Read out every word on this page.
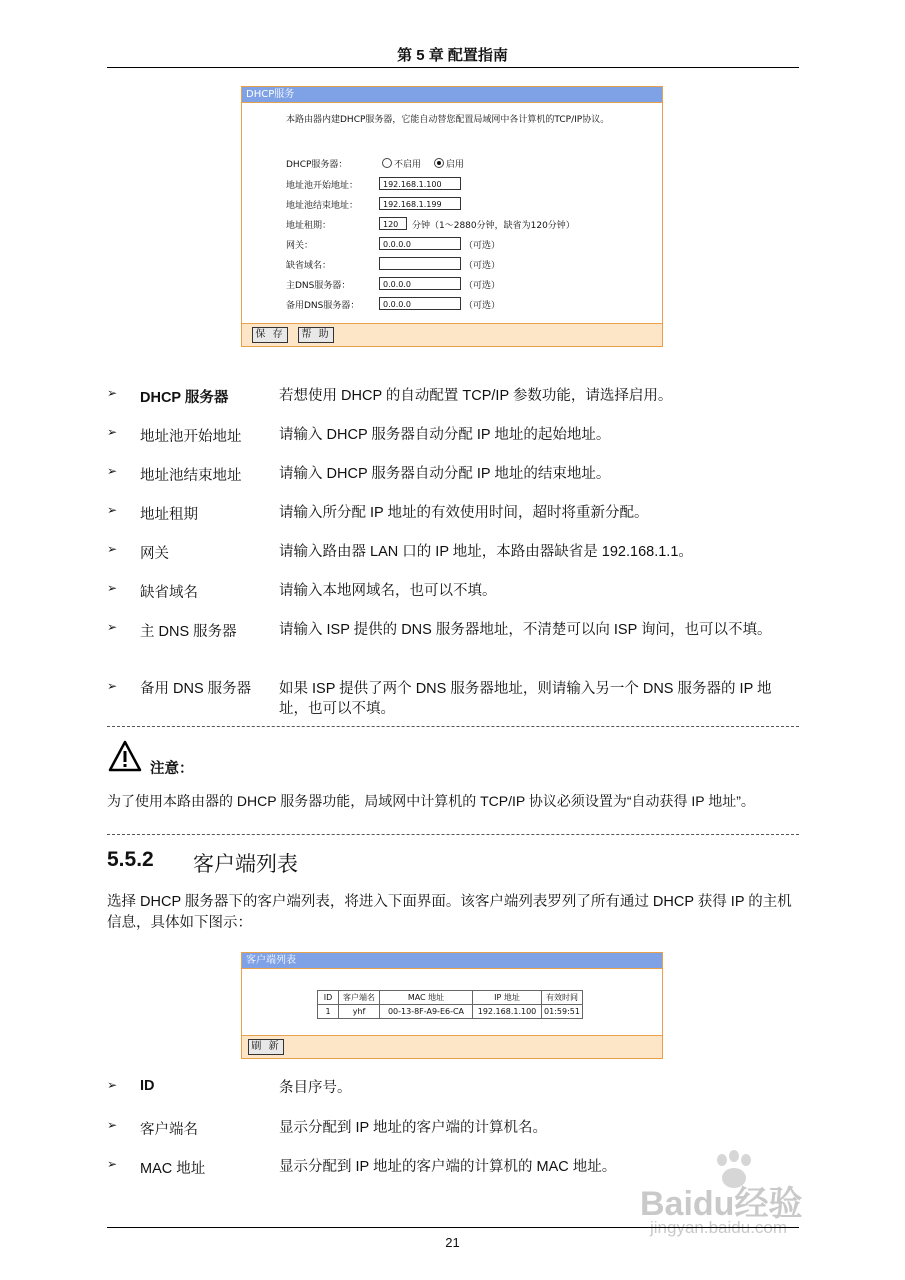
第 5 章 配置指南
DHCP服务
本路由器内建DHCP服务器，它能自动替您配置局域网中各计算机的TCP/IP协议。
DHCP服务器：	不启用	启用
地址池开始地址：	192.168.1.100
地址池结束地址：	192.168.1.199
地址租期：	120	分钟（1～2880分钟，缺省为120分钟）
网关：	0.0.0.0	（可选）
缺省域名：	（可选）
主DNS服务器：	0.0.0.0	（可选）
备用DNS服务器：	0.0.0.0	（可选）
保 存	帮 助
➢ DHCP 服务器	若想使用 DHCP 的自动配置 TCP/IP 参数功能，请选择启用。
➢ 地址池开始地址	请输入 DHCP 服务器自动分配 IP 地址的起始地址。
➢ 地址池结束地址	请输入 DHCP 服务器自动分配 IP 地址的结束地址。
➢ 地址租期	请输入所分配 IP 地址的有效使用时间，超时将重新分配。
➢ 网关	请输入路由器 LAN 口的 IP 地址，本路由器缺省是 192.168.1.1。
➢ 缺省域名	请输入本地网域名，也可以不填。
➢ 主 DNS 服务器	请输入 ISP 提供的 DNS 服务器地址，不清楚可以向 ISP 询问，也可以不填。
➢ 备用 DNS 服务器	如果 ISP 提供了两个 DNS 服务器地址，则请输入另一个 DNS 服务器的 IP 地址，也可以不填。
注意：
为了使用本路由器的 DHCP 服务器功能，局域网中计算机的 TCP/IP 协议必须设置为“自动获得 IP 地址”。
5.5.2 客户端列表
选择 DHCP 服务器下的客户端列表，将进入下面界面。该客户端列表罗列了所有通过 DHCP 获得 IP 的主机信息，具体如下图示：
客户端列表
ID	客户端名	MAC 地址	IP 地址	有效时间
1	yhf	00-13-8F-A9-E6-CA	192.168.1.100	01:59:51
刷 新
➢ ID	条目序号。
➢ 客户端名	显示分配到 IP 地址的客户端的计算机名。
➢ MAC 地址	显示分配到 IP 地址的客户端的计算机的 MAC 地址。
Baidu经验
jingyan.baidu.com
21
